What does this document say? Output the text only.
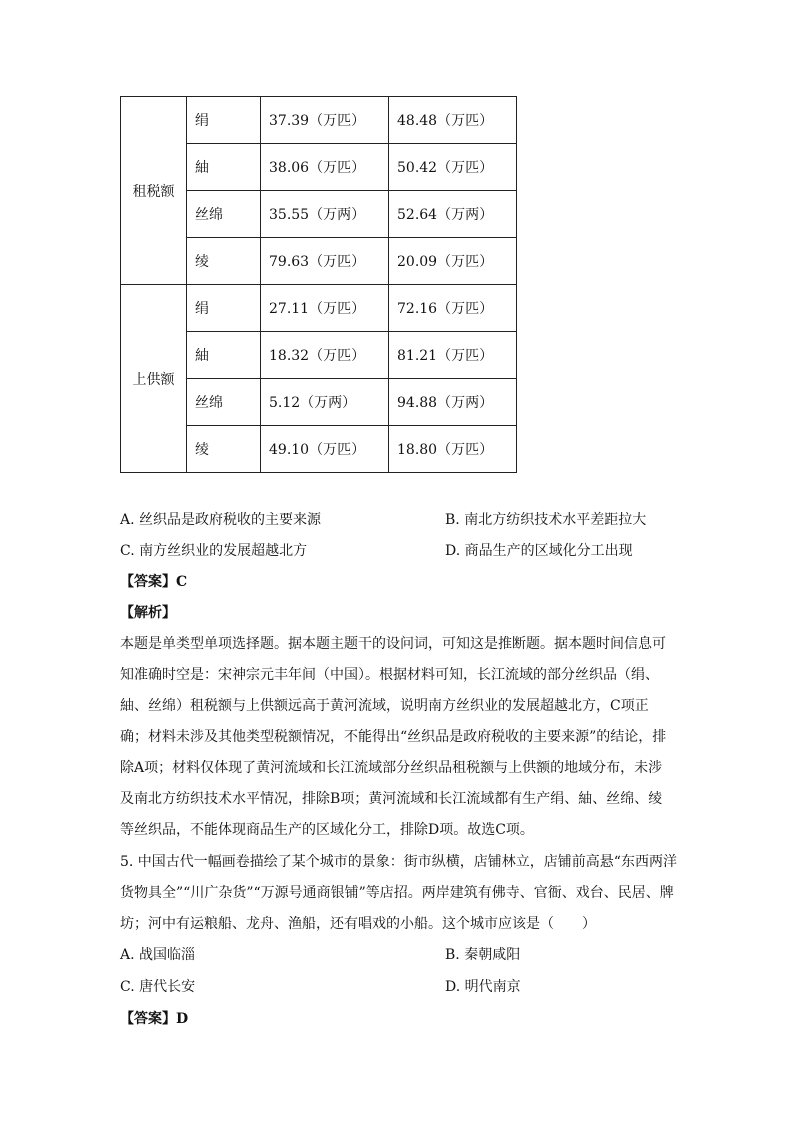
租税额	绢	37.39（万匹）	48.48（万匹）
	紬	38.06（万匹）	50.42（万匹）
	丝绵	35.55（万两）	52.64（万两）
	绫	79.63（万匹）	20.09（万匹）
上供额	绢	27.11（万匹）	72.16（万匹）
	紬	18.32（万匹）	81.21（万匹）
	丝绵	5.12（万两）	94.88（万两）
	绫	49.10（万匹）	18.80（万匹）
A. 丝织品是政府税收的主要来源	B. 南北方纺织技术水平差距拉大
C. 南方丝织业的发展超越北方	D. 商品生产的区域化分工出现
【答案】C
【解析】
本题是单类型单项选择题。据本题主题干的设问词，可知这是推断题。据本题时间信息可
知准确时空是：宋神宗元丰年间（中国）。根据材料可知，长江流域的部分丝织品（绢、
紬、丝绵）租税额与上供额远高于黄河流域，说明南方丝织业的发展超越北方，C项正
确；材料未涉及其他类型税额情况，不能得出“丝织品是政府税收的主要来源”的结论，排
除A项；材料仅体现了黄河流域和长江流域部分丝织品租税额与上供额的地域分布，未涉
及南北方纺织技术水平情况，排除B项；黄河流域和长江流域都有生产绢、紬、丝绵、绫
等丝织品，不能体现商品生产的区域化分工，排除D项。故选C项。
5. 中国古代一幅画卷描绘了某个城市的景象：街市纵横，店铺林立，店铺前高悬“东西两洋
货物具全”“川广杂货”“万源号通商银铺”等店招。两岸建筑有佛寺、官衙、戏台、民居、牌
坊；河中有运粮船、龙舟、渔船，还有唱戏的小船。这个城市应该是（　　）
A. 战国临淄	B. 秦朝咸阳
C. 唐代长安	D. 明代南京
【答案】D
